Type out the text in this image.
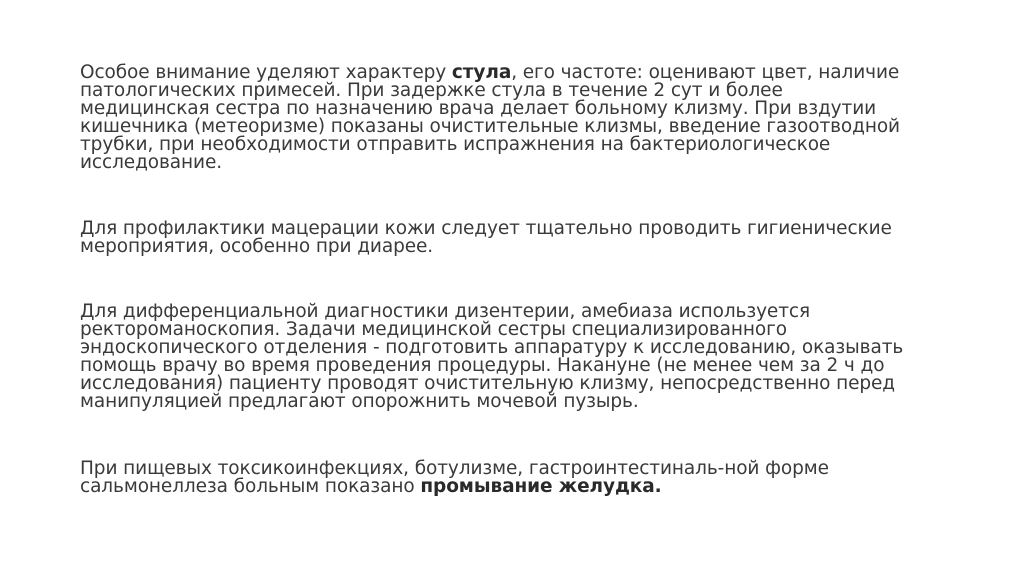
Особое внимание уделяют характеру стула, его частоте: оценивают цвет, наличие
патологических примесей. При задержке стула в течение 2 сут и более
медицинская сестра по назначению врача делает больному клизму. При вздутии
кишечника (метеоризме) показаны очистительные клизмы, введение газоотводной
трубки, при необходимости отправить испражнения на бактериологическое
исследование.
Для профилактики мацерации кожи следует тщательно проводить гигиенические
мероприятия, особенно при диарее.
Для дифференциальной диагностики дизентерии, амебиаза используется
ректороманоскопия. Задачи медицинской сестры специализированного
эндоскопического отделения - подготовить аппаратуру к исследованию, оказывать
помощь врачу во время проведения процедуры. Накануне (не менее чем за 2 ч до
исследования) пациенту проводят очистительную клизму, непосредственно перед
манипуляцией предлагают опорожнить мочевой пузырь.
При пищевых токсикоинфекциях, ботулизме, гастроинтестиналь-ной форме
сальмонеллеза больным показано промывание желудка.
